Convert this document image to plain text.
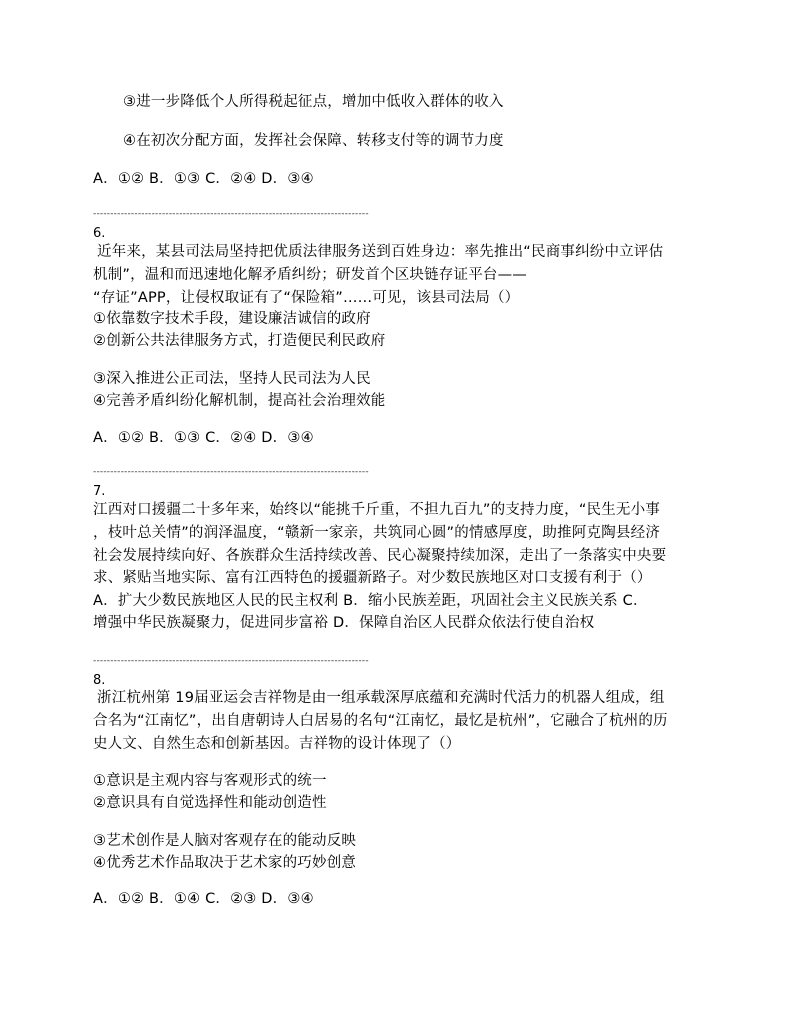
③进一步降低个人所得税起征点，增加中低收入群体的收入
④在初次分配方面，发挥社会保障、转移支付等的调节力度
A．①② B．①③ C．②④ D．③④
--------------------------------------------------------------------------------
6.
近年来，某县司法局坚持把优质法律服务送到百姓身边：率先推出“民商事纠纷中立评估
机制”，温和而迅速地化解矛盾纠纷；研发首个区块链存证平台——
“存证”APP，让侵权取证有了“保险箱”……可见，该县司法局（）
①依靠数字技术手段，建设廉洁诚信的政府
②创新公共法律服务方式，打造便民利民政府
③深入推进公正司法，坚持人民司法为人民
④完善矛盾纠纷化解机制，提高社会治理效能
A．①② B．①③ C．②④ D．③④
--------------------------------------------------------------------------------
7.
江西对口援疆二十多年来，始终以“能挑千斤重，不担九百九”的支持力度，“民生无小事
，枝叶总关情”的润泽温度，“赣新一家亲，共筑同心圆”的情感厚度，助推阿克陶县经济
社会发展持续向好、各族群众生活持续改善、民心凝聚持续加深，走出了一条落实中央要
求、紧贴当地实际、富有江西特色的援疆新路子。对少数民族地区对口支援有利于（）
A．扩大少数民族地区人民的民主权利 B．缩小民族差距，巩固社会主义民族关系 C．
增强中华民族凝聚力，促进同步富裕 D．保障自治区人民群众依法行使自治权
--------------------------------------------------------------------------------
8.
浙江杭州第 19届亚运会吉祥物是由一组承载深厚底蕴和充满时代活力的机器人组成，组
合名为“江南忆”，出自唐朝诗人白居易的名句“江南忆，最忆是杭州”，它融合了杭州的历
史人文、自然生态和创新基因。吉祥物的设计体现了（）
①意识是主观内容与客观形式的统一
②意识具有自觉选择性和能动创造性
③艺术创作是人脑对客观存在的能动反映
④优秀艺术作品取决于艺术家的巧妙创意
A．①② B．①④ C．②③ D．③④
